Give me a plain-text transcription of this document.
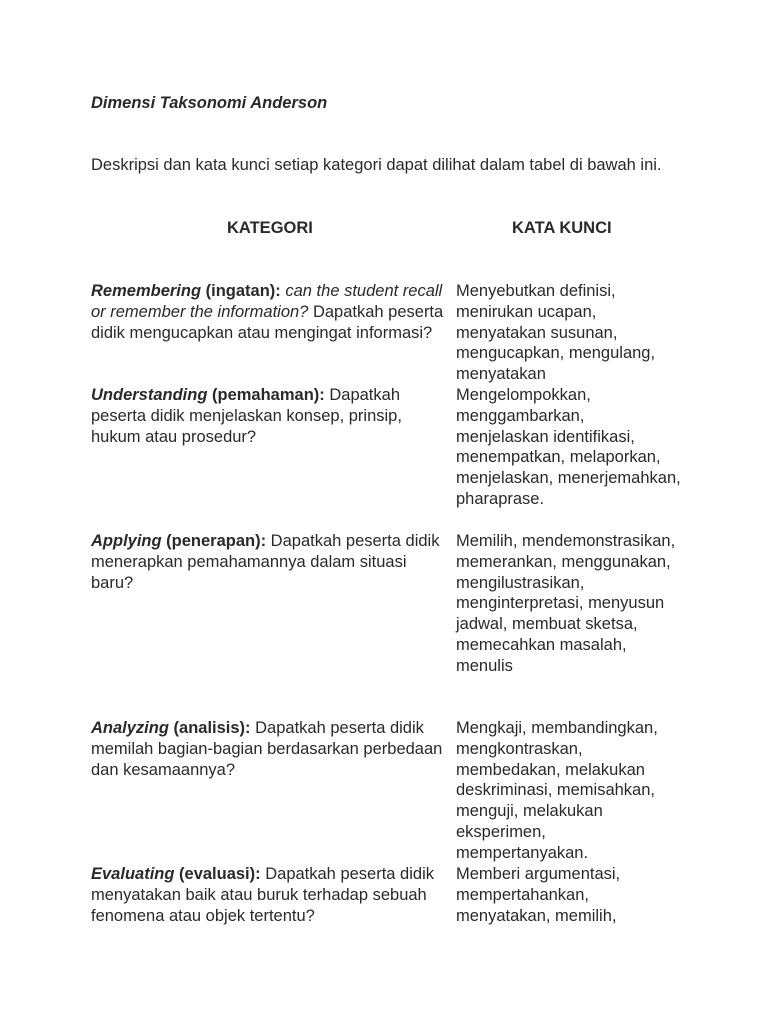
Dimensi Taksonomi Anderson
Deskripsi dan kata kunci setiap kategori dapat dilihat dalam tabel di bawah ini.
KATEGORI	KATA KUNCI
Remembering (ingatan): can the student recall or remember the information? Dapatkah peserta didik mengucapkan atau mengingat informasi?
Menyebutkan definisi, menirukan ucapan, menyatakan susunan, mengucapkan, mengulang, menyatakan
Understanding (pemahaman): Dapatkah peserta didik menjelaskan konsep, prinsip, hukum atau prosedur?
Mengelompokkan, menggambarkan, menjelaskan identifikasi, menempatkan, melaporkan, menjelaskan, menerjemahkan, pharaprase.
Applying (penerapan): Dapatkah peserta didik menerapkan pemahamannya dalam situasi baru?
Memilih, mendemonstrasikan, memerankan, menggunakan, mengilustrasikan, menginterpretasi, menyusun jadwal, membuat sketsa, memecahkan masalah, menulis
Analyzing (analisis): Dapatkah peserta didik memilah bagian-bagian berdasarkan perbedaan dan kesamaannya?
Mengkaji, membandingkan, mengkontraskan, membedakan, melakukan deskriminasi, memisahkan, menguji, melakukan eksperimen, mempertanyakan.
Evaluating (evaluasi): Dapatkah peserta didik menyatakan baik atau buruk terhadap sebuah fenomena atau objek tertentu?
Memberi argumentasi, mempertahankan, menyatakan, memilih,
